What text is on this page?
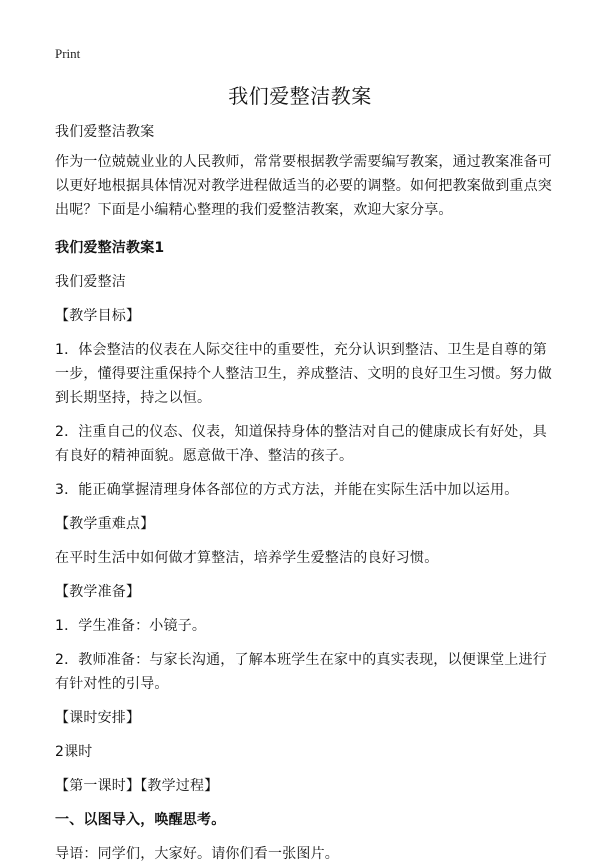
Print
我们爱整洁教案

我们爱整洁教案

作为一位兢兢业业的人民教师，常常要根据教学需要编写教案，通过教案准备可以更好地根据具体情况对教学进程做适当的必要的调整。如何把教案做到重点突出呢？下面是小编精心整理的我们爱整洁教案，欢迎大家分享。

我们爱整洁教案1

我们爱整洁

【教学目标】

1．体会整洁的仪表在人际交往中的重要性，充分认识到整洁、卫生是自尊的第一步，懂得要注重保持个人整洁卫生，养成整洁、文明的良好卫生习惯。努力做到长期坚持，持之以恒。

2．注重自己的仪态、仪表，知道保持身体的整洁对自己的健康成长有好处，具有良好的精神面貌。愿意做干净、整洁的孩子。

3．能正确掌握清理身体各部位的方式方法，并能在实际生活中加以运用。

【教学重难点】

在平时生活中如何做才算整洁，培养学生爱整洁的良好习惯。

【教学准备】

1．学生准备：小镜子。

2．教师准备：与家长沟通，了解本班学生在家中的真实表现，以便课堂上进行有针对性的引导。

【课时安排】

2课时

【第一课时】【教学过程】

一、以图导入，唤醒思考。

导语：同学们，大家好。请你们看一张图片。
